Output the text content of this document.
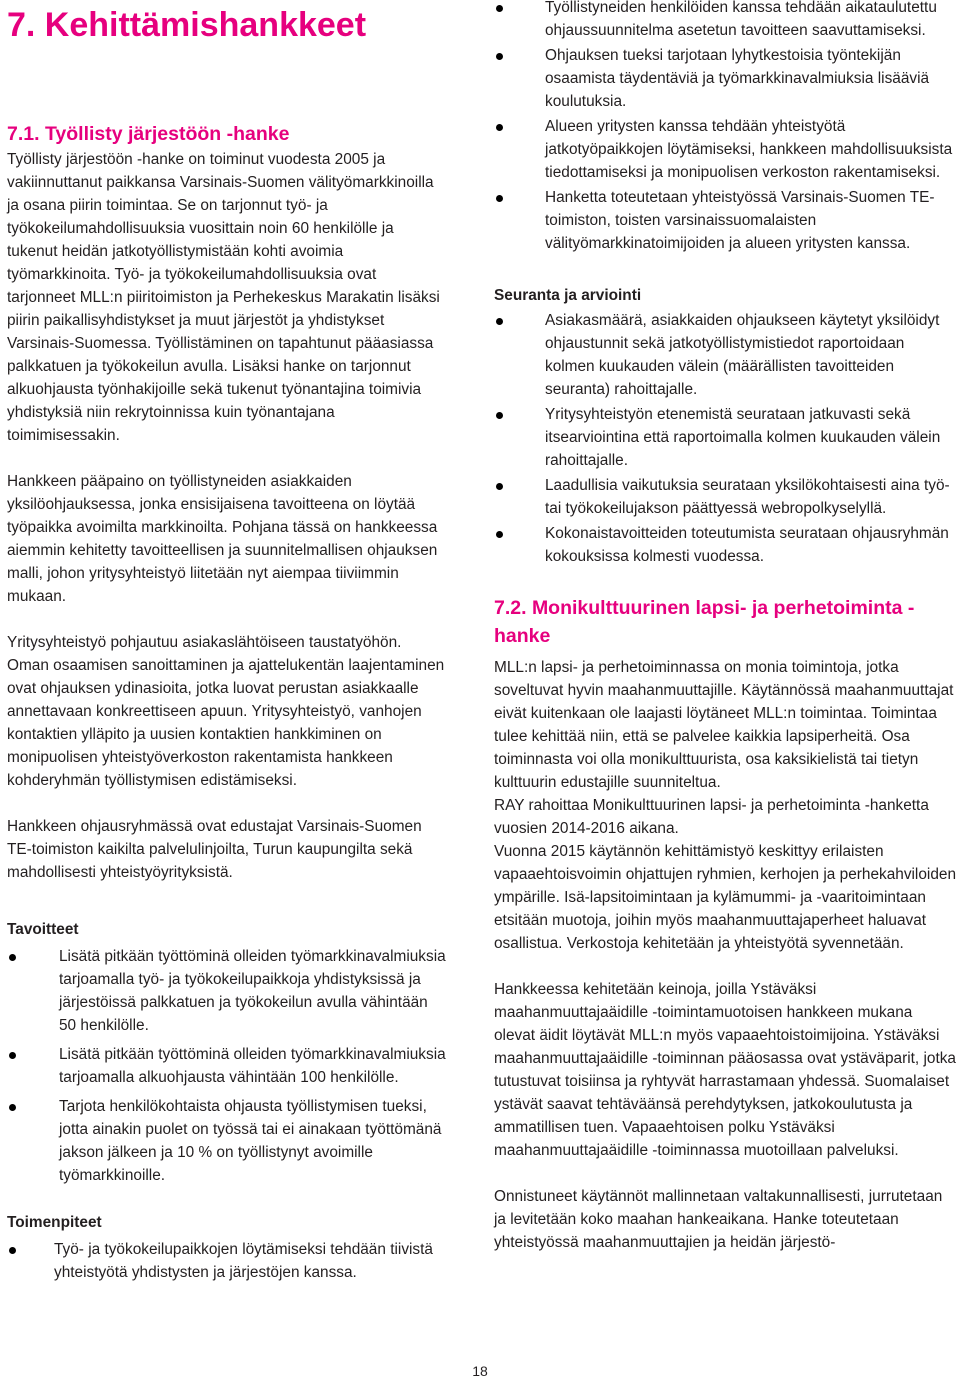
7. Kehittämishankkeet
7.1. Työllisty järjestöön -hanke

Työllisty järjestöön -hanke on toiminut vuodesta 2005 ja vakiinnuttanut paikkansa Varsinais-Suomen välityömarkkinoilla ja osana piirin toimintaa. Se on tarjonnut työ- ja työkokeilumahdollisuuksia vuosittain noin 60 henkilölle ja tukenut heidän jatkotyöllistymistään kohti avoimia työmarkkinoita. Työ- ja työkokeilumahdollisuuksia ovat tarjonneet MLL:n piiritoimiston ja Perhekeskus Marakatin lisäksi piirin paikallisyhdistykset ja muut järjestöt ja yhdistykset Varsinais-Suomessa. Työllistäminen on tapahtunut pääasiassa palkkatuen ja työkokeilun avulla. Lisäksi hanke on tarjonnut alkuohjausta työnhakijoille sekä tukenut työnantajina toimivia yhdistyksiä niin rekrytoinnissa kuin työnantajana toimimisessakin.

Hankkeen pääpaino on työllistyneiden asiakkaiden yksilöohjauksessa, jonka ensisijaisena tavoitteena on löytää työpaikka avoimilta markkinoilta. Pohjana tässä on hankkeessa aiemmin kehitetty tavoitteellisen ja suunnitelmallisen ohjauksen malli, johon yritysyhteistyö liitetään nyt aiempaa tiiviimmin mukaan.

Yritysyhteistyö pohjautuu asiakaslähtöiseen taustatyöhön. Oman osaamisen sanoittaminen ja ajattelukentän laajentaminen ovat ohjauksen ydinasioita, jotka luovat perustan asiakkaalle annettavaan konkreettiseen apuun. Yritysyhteistyö, vanhojen kontaktien ylläpito ja uusien kontaktien hankkiminen on monipuolisen yhteistyöverkoston rakentamista hankkeen kohderyhmän työllistymisen edistämiseksi.

Hankkeen ohjausryhmässä ovat edustajat Varsinais-Suomen TE-toimiston kaikilta palvelulinjoilta, Turun kaupungilta sekä mahdollisesti yhteistyöyrityksistä.

Tavoitteet

Lisätä pitkään työttöminä olleiden työmarkkinavalmiuksia tarjoamalla työ- ja työkokeilupaikkoja yhdistyksissä ja järjestöissä palkkatuen ja työkokeilun avulla vähintään 50 henkilölle.
Lisätä pitkään työttöminä olleiden työmarkkinavalmiuksia tarjoamalla alkuohjausta vähintään 100 henkilölle.
Tarjota henkilökohtaista ohjausta työllistymisen tueksi, jotta ainakin puolet on työssä tai ei ainakaan työttömänä jakson jälkeen ja 10 % on työllistynyt avoimille työmarkkinoille.

Toimenpiteet

Työ- ja työkokeilupaikkojen löytämiseksi tehdään tiivistä yhteistyötä yhdistysten ja järjestöjen kanssa.
Työllistyneiden henkilöiden kanssa tehdään aikataulutettu ohjaussuunnitelma asetetun tavoitteen saavuttamiseksi.
Ohjauksen tueksi tarjotaan lyhytkestoisia työntekijän osaamista täydentäviä ja työmarkkinavalmiuksia lisääviä koulutuksia.
Alueen yritysten kanssa tehdään yhteistyötä jatkotyöpaikkojen löytämiseksi, hankkeen mahdollisuuksista tiedottamiseksi ja monipuolisen verkoston rakentamiseksi.
Hanketta toteutetaan yhteistyössä Varsinais-Suomen TE-toimiston, toisten varsinaissuomalaisten välityömarkkinatoimijoiden ja alueen yritysten kanssa.

Seuranta ja arviointi

Asiakasmäärä, asiakkaiden ohjaukseen käytetyt yksilöidyt ohjaustunnit sekä jatkotyöllistymistiedot raportoidaan kolmen kuukauden välein (määrällisten tavoitteiden seuranta) rahoittajalle.
Yritysyhteistyön etenemistä seurataan jatkuvasti sekä itsearviointina että raportoimalla kolmen kuukauden välein rahoittajalle.
Laadullisia vaikutuksia seurataan yksilökohtaisesti aina työ- tai työkokeilujakson päättyessä webropolkyselyllä.
Kokonaistavoitteiden toteutumista seurataan ohjausryhmän kokouksissa kolmesti vuodessa.
7.2. Monikulttuurinen lapsi- ja perhetoiminta -hanke

MLL:n lapsi- ja perhetoiminnassa on monia toimintoja, jotka soveltuvat hyvin maahanmuuttajille. Käytännössä maahanmuuttajat eivät kuitenkaan ole laajasti löytäneet MLL:n toimintaa. Toimintaa tulee kehittää niin, että se palvelee kaikkia lapsiperheitä. Osa toiminnasta voi olla monikulttuurista, osa kaksikielistä tai tietyn kulttuurin edustajille suunniteltua.

RAY rahoittaa Monikulttuurinen lapsi- ja perhetoiminta -hanketta vuosien 2014-2016 aikana.

Vuonna 2015 käytännön kehittämistyö keskittyy erilaisten vapaaehtoisvoimin ohjattujen ryhmien, kerhojen ja perhekahviloiden ympärille. Isä-lapsitoimintaan ja kylämummi- ja -vaaritoimintaan etsitään muotoja, joihin myös maahanmuuttajaperheet haluavat osallistua. Verkostoja kehitetään ja yhteistyötä syvennetään.

Hankkeessa kehitetään keinoja, joilla Ystäväksi maahanmuuttajaäidille -toimintamuotoisen hankkeen mukana olevat äidit löytävät MLL:n myös vapaaehtoistoimijoina. Ystäväksi maahanmuuttajaäidille -toiminnan pääosassa ovat ystäväparit, jotka tutustuvat toisiinsa ja ryhtyvät harrastamaan yhdessä. Suomalaiset ystävät saavat tehtäväänsä perehdytyksen, jatkokoulutusta ja ammatillisen tuen. Vapaaehtoisen polku Ystäväksi maahanmuuttajaäidille -toiminnassa muotoillaan palveluksi.

Onnistuneet käytännöt mallinnetaan valtakunnallisesti, jurrutetaan ja levitetään koko maahan hankeaikana. Hanke toteutetaan yhteistyössä maahanmuuttajien ja heidän järjestö-

18
